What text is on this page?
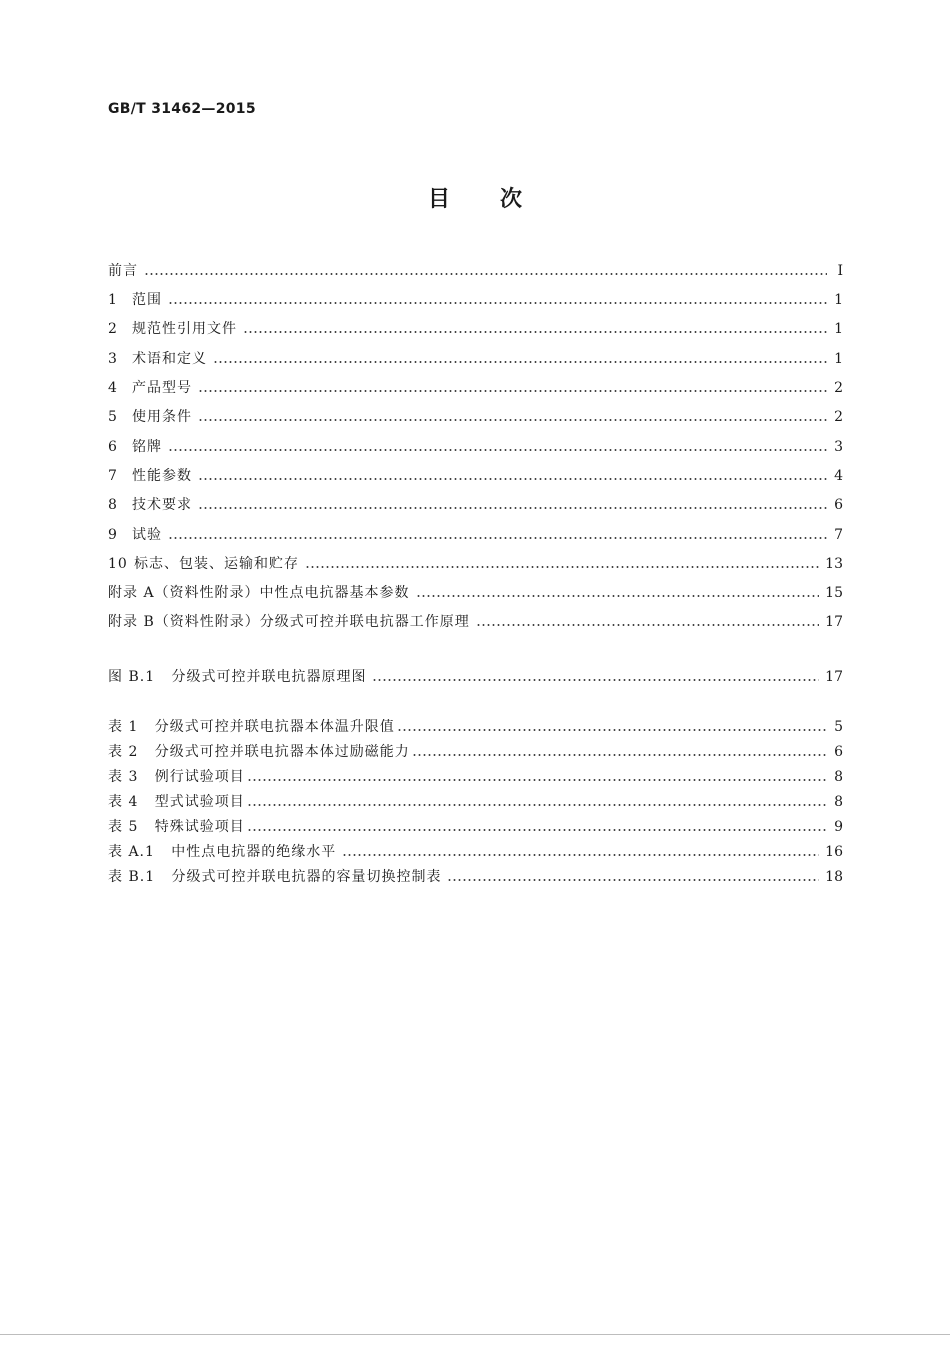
GB/T 31462—2015
目 次
前言	Ⅰ
1 范围	1
2 规范性引用文件	1
3 术语和定义	1
4 产品型号	2
5 使用条件	2
6 铭牌	3
7 性能参数	4
8 技术要求	6
9 试验	7
10 标志、包装、运输和贮存	13
附录 A（资料性附录）中性点电抗器基本参数	15
附录 B（资料性附录）分级式可控并联电抗器工作原理	17
图 B.1 分级式可控并联电抗器原理图	17
表 1 分级式可控并联电抗器本体温升限值	5
表 2 分级式可控并联电抗器本体过励磁能力	6
表 3 例行试验项目	8
表 4 型式试验项目	8
表 5 特殊试验项目	9
表 A.1 中性点电抗器的绝缘水平	16
表 B.1 分级式可控并联电抗器的容量切换控制表	18
